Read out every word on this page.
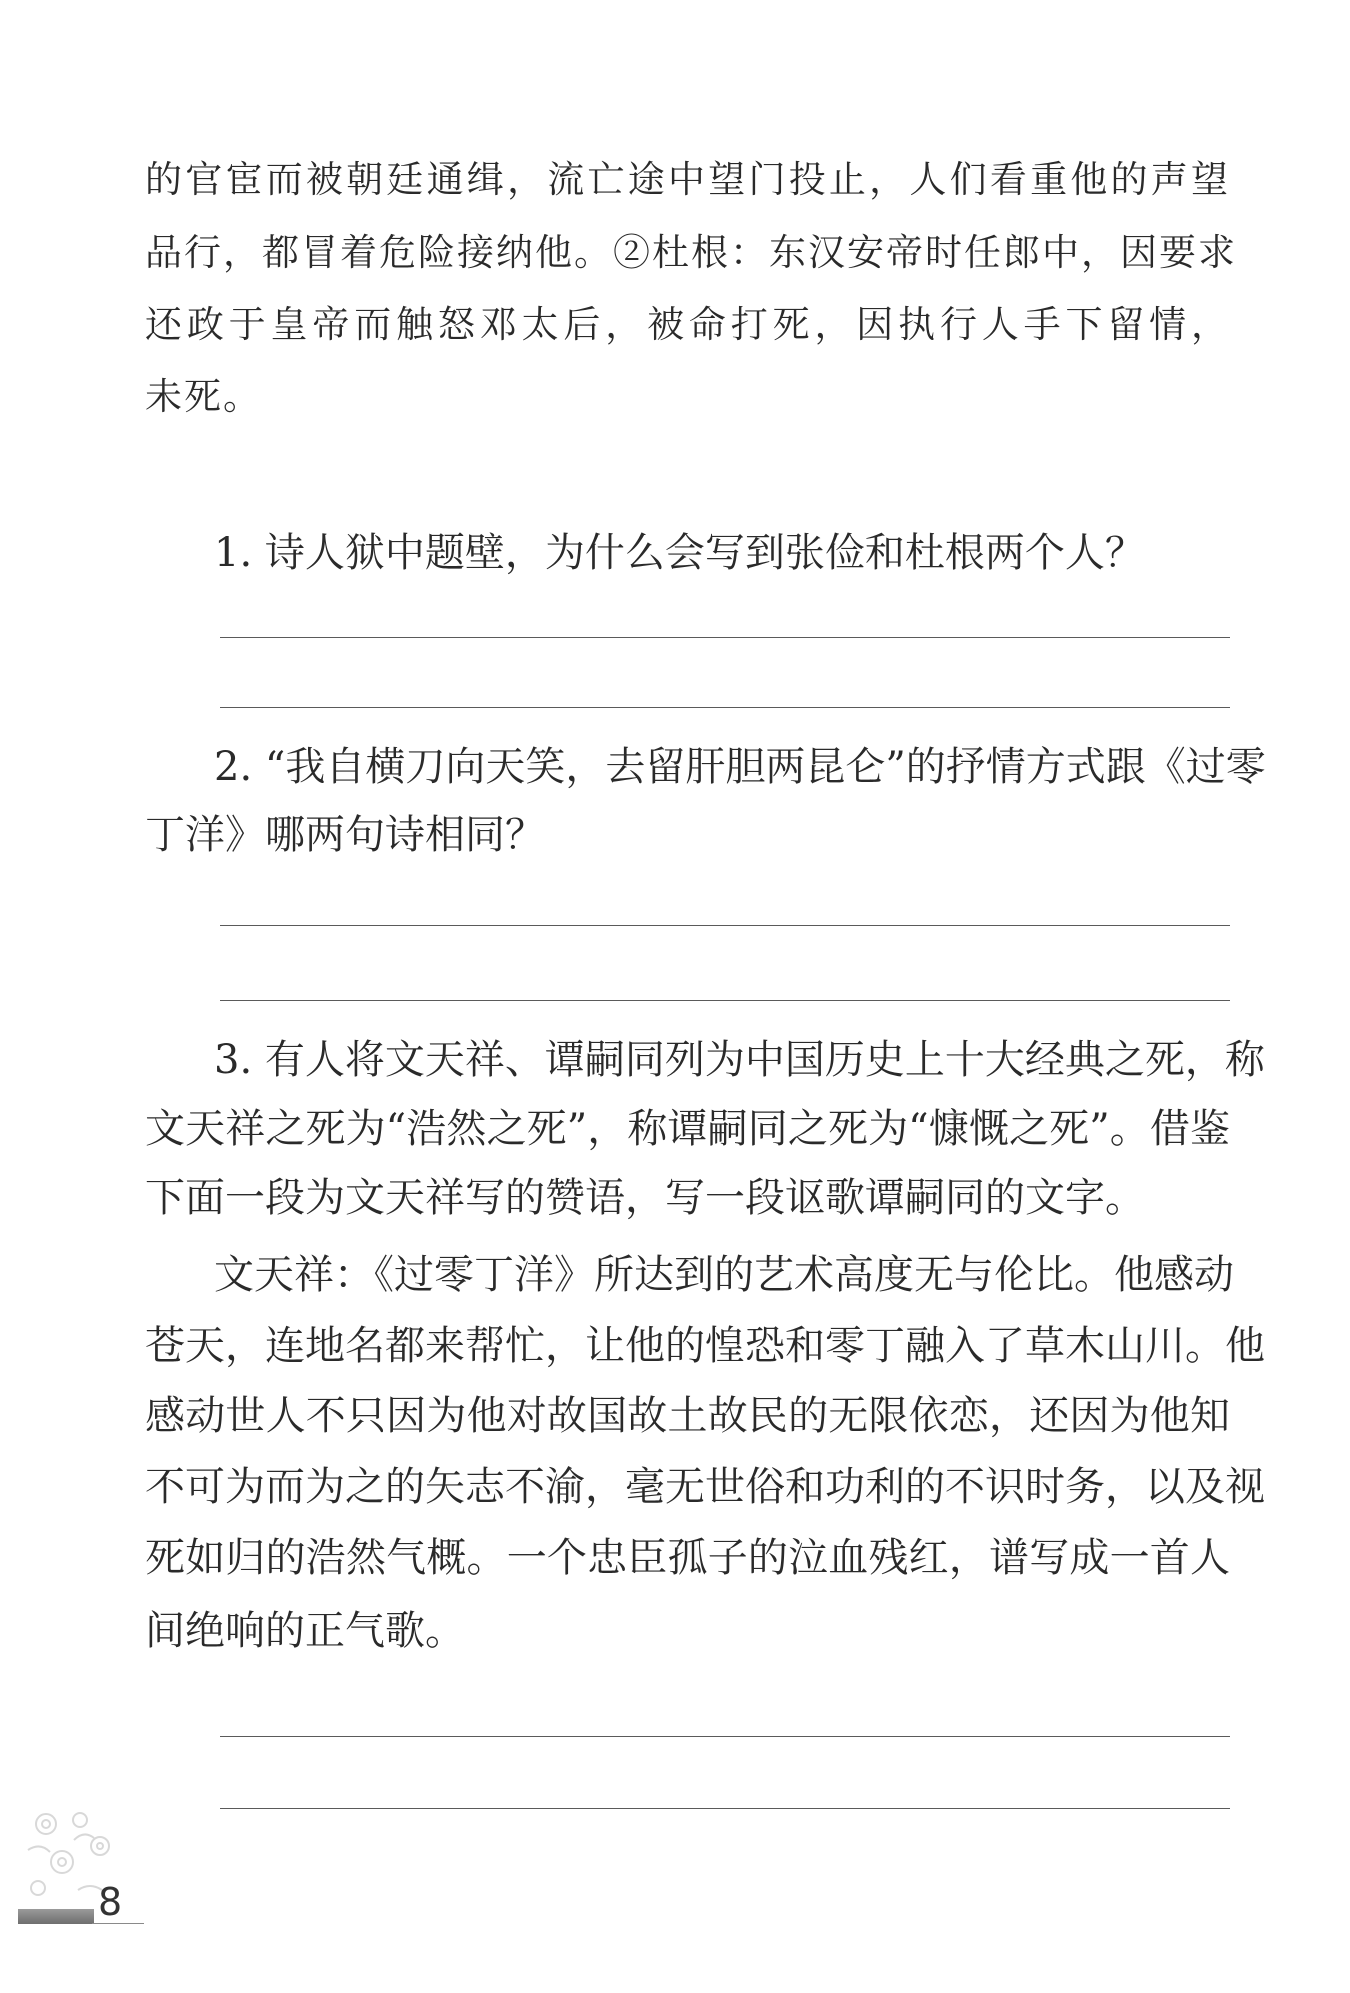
的官宦而被朝廷通缉，流亡途中望门投止，人们看重他的声望
品行，都冒着危险接纳他。②杜根：东汉安帝时任郎中，因要求
还政于皇帝而触怒邓太后，被命打死，因执行人手下留情，
未死。
1. 诗人狱中题壁，为什么会写到张俭和杜根两个人？
2. “我自横刀向天笑，去留肝胆两昆仑”的抒情方式跟《过零
丁洋》哪两句诗相同？
3. 有人将文天祥、谭嗣同列为中国历史上十大经典之死，称
文天祥之死为“浩然之死”，称谭嗣同之死为“慷慨之死”。借鉴
下面一段为文天祥写的赞语，写一段讴歌谭嗣同的文字。
文天祥：《过零丁洋》所达到的艺术高度无与伦比。他感动
苍天，连地名都来帮忙，让他的惶恐和零丁融入了草木山川。他
感动世人不只因为他对故国故土故民的无限依恋，还因为他知
不可为而为之的矢志不渝，毫无世俗和功利的不识时务，以及视
死如归的浩然气概。一个忠臣孤子的泣血残红，谱写成一首人
间绝响的正气歌。
8
